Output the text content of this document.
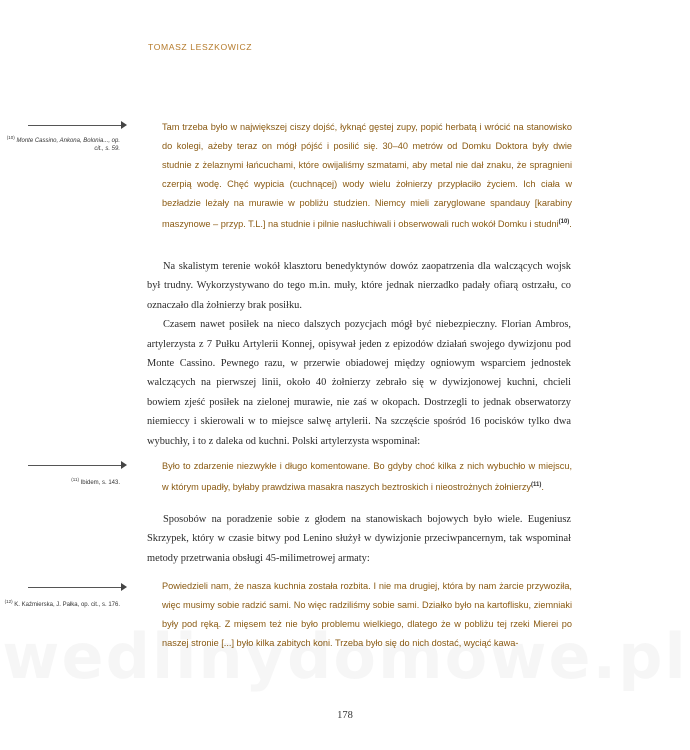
TOMASZ LESZKOWICZ
$^{(10)}$ Monte Cassino, Ankona, Bolonia..., op. cit., s. 59.
Tam trzeba było w największej ciszy dojść, łyknąć gęstej zupy, popić herbatą i wrócić na stanowisko do kolegi, ażeby teraz on mógł pójść i posilić się. 30–40 metrów od Domku Doktora były dwie studnie z żelaznymi łańcuchami, które owijaliśmy szmatami, aby metal nie dał znaku, że spragnieni czerpią wodę. Chęć wypicia (cuchnącej) wody wielu żołnierzy przypłaciło życiem. Ich ciała w bezładzie leżały na murawie w pobliżu studzien. Niemcy mieli zaryglowane spandauy [karabiny maszynowe – przyp. T.L.] na studnie i pilnie nasłuchiwali i obserwowali ruch wokół Domku i studni$^{(10)}$.

Na skalistym terenie wokół klasztoru benedyktynów dowóz zaopatrzenia dla walczących wojsk był trudny. Wykorzystywano do tego m.in. muły, które jednak nierzadko padały ofiarą ostrzału, co oznaczało dla żołnierzy brak posiłku.

Czasem nawet posiłek na nieco dalszych pozycjach mógł być niebezpieczny. Florian Ambros, artylerzysta z 7 Pułku Artylerii Konnej, opisywał jeden z epizodów działań swojego dywizjonu pod Monte Cassino. Pewnego razu, w przerwie obiadowej między ogniowym wsparciem jednostek walczących na pierwszej linii, około 40 żołnierzy zebrało się w dywizjonowej kuchni, chcieli bowiem zjeść posiłek na zielonej murawie, nie zaś w okopach. Dostrzegli to jednak obserwatorzy niemieccy i skierowali w to miejsce salwę artylerii. Na szczęście spośród 16 pocisków tylko dwa wybuchły, i to z daleka od kuchni. Polski artylerzysta wspominał:

$^{(11)}$ Ibidem, s. 143.
Było to zdarzenie niezwykłe i długo komentowane. Bo gdyby choć kilka z nich wybuchło w miejscu, w którym upadły, byłaby prawdziwa masakra naszych beztroskich i nieostrożnych żołnierzy$^{(11)}$.

Sposobów na poradzenie sobie z głodem na stanowiskach bojowych było wiele. Eugeniusz Skrzypek, który w czasie bitwy pod Lenino służył w dywizjonie przeciwpancernym, tak wspominał metody przetrwania obsługi 45-milimetrowej armaty:

$^{(12)}$ K. Kaźmierska, J. Pałka, op. cit., s. 176.
Powiedzieli nam, że nasza kuchnia została rozbita. I nie ma drugiej, która by nam żarcie przywoziła, więc musimy sobie radzić sami. No więc radziliśmy sobie sami. Działko było na kartoflisku, ziemniaki były pod ręką. Z mięsem też nie było problemu wielkiego, dlatego że w pobliżu tej rzeki Mierei po naszej stronie [...] było kilka zabitych koni. Trzeba było się do nich dostać, wyciąć kawa-
178
